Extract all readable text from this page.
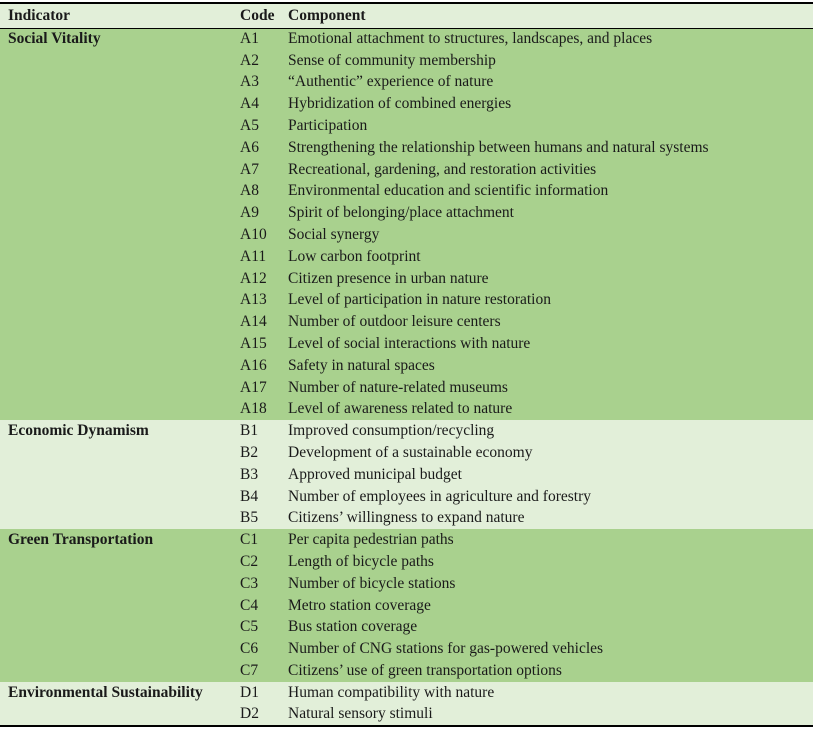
Indicator	Code	Component
Social Vitality	A1	Emotional attachment to structures, landscapes, and places
	A2	Sense of community membership
	A3	“Authentic” experience of nature
	A4	Hybridization of combined energies
	A5	Participation
	A6	Strengthening the relationship between humans and natural systems
	A7	Recreational, gardening, and restoration activities
	A8	Environmental education and scientific information
	A9	Spirit of belonging/place attachment
	A10	Social synergy
	A11	Low carbon footprint
	A12	Citizen presence in urban nature
	A13	Level of participation in nature restoration
	A14	Number of outdoor leisure centers
	A15	Level of social interactions with nature
	A16	Safety in natural spaces
	A17	Number of nature-related museums
	A18	Level of awareness related to nature
Economic Dynamism	B1	Improved consumption/recycling
	B2	Development of a sustainable economy
	B3	Approved municipal budget
	B4	Number of employees in agriculture and forestry
	B5	Citizens’ willingness to expand nature
Green Transportation	C1	Per capita pedestrian paths
	C2	Length of bicycle paths
	C3	Number of bicycle stations
	C4	Metro station coverage
	C5	Bus station coverage
	C6	Number of CNG stations for gas-powered vehicles
	C7	Citizens’ use of green transportation options
Environmental Sustainability	D1	Human compatibility with nature
	D2	Natural sensory stimuli
